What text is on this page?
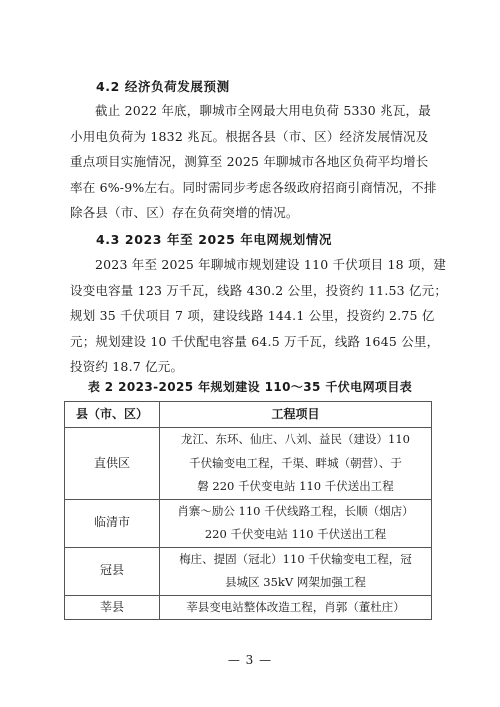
4.2 经济负荷发展预测
截止 2022 年底，聊城市全网最大用电负荷 5330 兆瓦，最
小用电负荷为 1832 兆瓦。根据各县（市、区）经济发展情况及
重点项目实施情况，测算至 2025 年聊城市各地区负荷平均增长
率在 6%-9%左右。同时需同步考虑各级政府招商引商情况，不排
除各县（市、区）存在负荷突增的情况。
4.3 2023 年至 2025 年电网规划情况
2023 年至 2025 年聊城市规划建设 110 千伏项目 18 项，建
设变电容量 123 万千瓦，线路 430.2 公里，投资约 11.53 亿元；
规划 35 千伏项目 7 项，建设线路 144.1 公里，投资约 2.75 亿
元；规划建设 10 千伏配电容量 64.5 万千瓦，线路 1645 公里，
投资约 18.7 亿元。
表 2 2023-2025 年规划建设 110～35 千伏电网项目表
县（市、区）	工程项目
直供区	龙江、东环、仙庄、八刘、益民（建设）110
千伏输变电工程，千渠、畔城（朝营）、于
磐 220 千伏变电站 110 千伏送出工程

临清市	肖寨～励公 110 千伏线路工程，长顺（烟店）
220 千伏变电站 110 千伏送出工程

冠县	梅庄、提固（冠北）110 千伏输变电工程，冠
县城区 35kV 网架加强工程

莘县	莘县变电站整体改造工程，肖郭（董杜庄）
— 3 —
